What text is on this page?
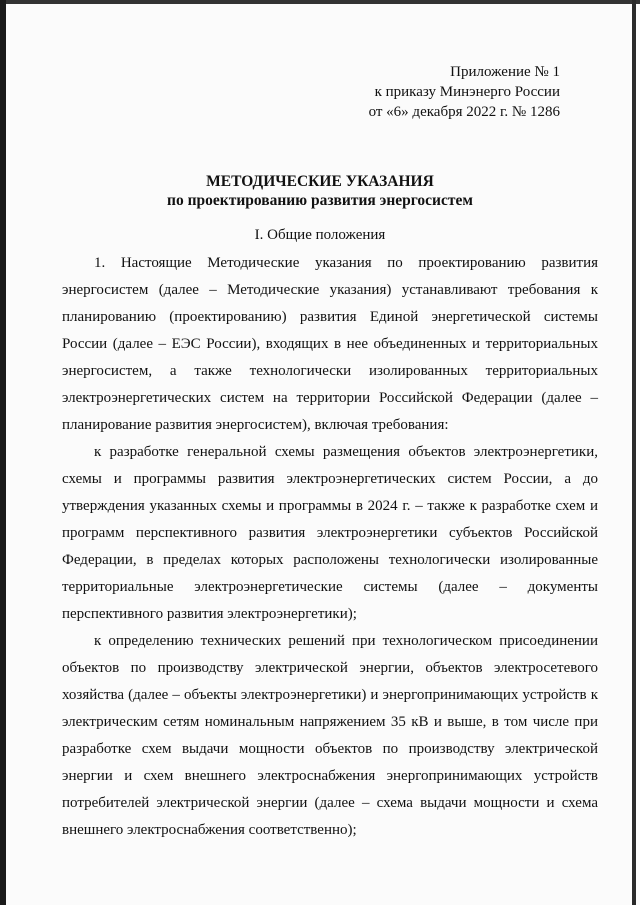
Приложение № 1
к приказу Минэнерго России
от «6» декабря 2022 г. № 1286
МЕТОДИЧЕСКИЕ УКАЗАНИЯ
по проектированию развития энергосистем
I. Общие положения

1. Настоящие Методические указания по проектированию развития энергосистем (далее – Методические указания) устанавливают требования к планированию (проектированию) развития Единой энергетической системы России (далее – ЕЭС России), входящих в нее объединенных и территориальных энергосистем, а также технологически изолированных территориальных электроэнергетических систем на территории Российской Федерации (далее – планирование развития энергосистем), включая требования:

к разработке генеральной схемы размещения объектов электроэнергетики, схемы и программы развития электроэнергетических систем России, а до утверждения указанных схемы и программы в 2024 г. – также к разработке схем и программ перспективного развития электроэнергетики субъектов Российской Федерации, в пределах которых расположены технологически изолированные территориальные электроэнергетические системы (далее – документы перспективного развития электроэнергетики);

к определению технических решений при технологическом присоединении объектов по производству электрической энергии, объектов электросетевого хозяйства (далее – объекты электроэнергетики) и энергопринимающих устройств к электрическим сетям номинальным напряжением 35 кВ и выше, в том числе при разработке схем выдачи мощности объектов по производству электрической энергии и схем внешнего электроснабжения энергопринимающих устройств потребителей электрической энергии (далее – схема выдачи мощности и схема внешнего электроснабжения соответственно);
